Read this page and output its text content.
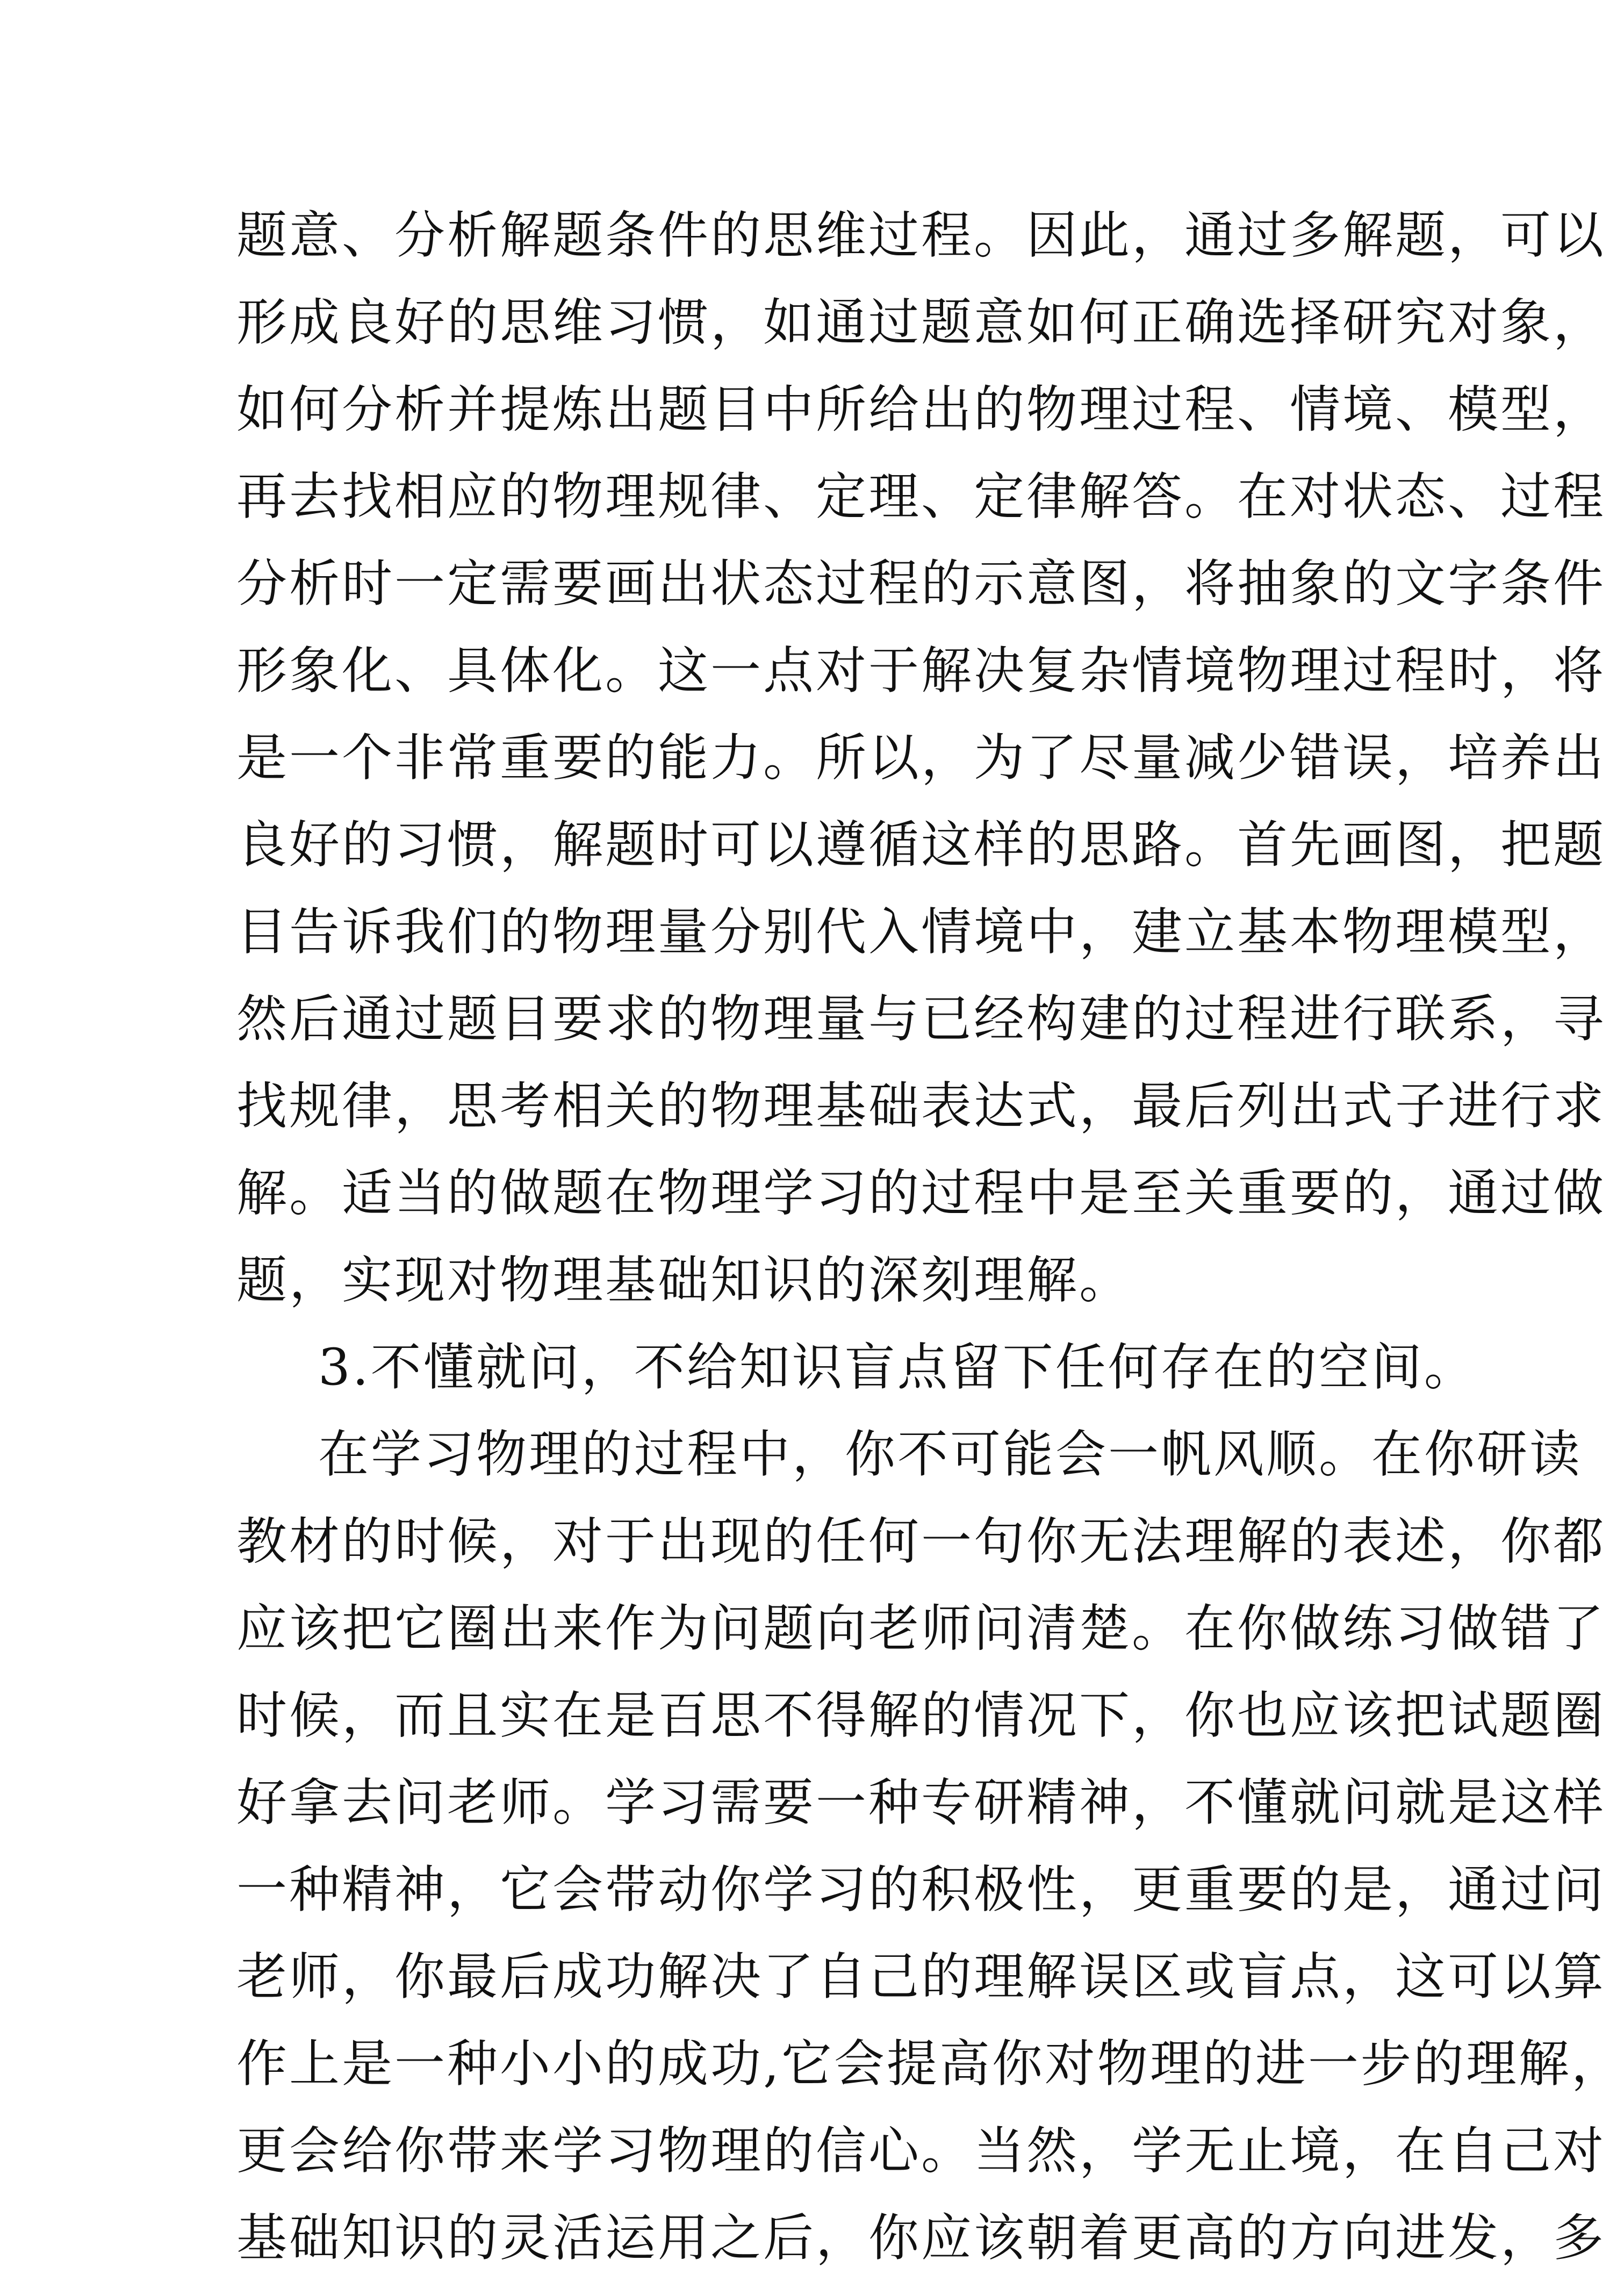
题意、分析解题条件的思维过程。因此，通过多解题，可以
形成良好的思维习惯，如通过题意如何正确选择研究对象，
如何分析并提炼出题目中所给出的物理过程、情境、模型，
再去找相应的物理规律、定理、定律解答。在对状态、过程
分析时一定需要画出状态过程的示意图，将抽象的文字条件
形象化、具体化。这一点对于解决复杂情境物理过程时，将
是一个非常重要的能力。所以，为了尽量减少错误，培养出
良好的习惯，解题时可以遵循这样的思路。首先画图，把题
目告诉我们的物理量分别代入情境中，建立基本物理模型，
然后通过题目要求的物理量与已经构建的过程进行联系，寻
找规律，思考相关的物理基础表达式，最后列出式子进行求
解。适当的做题在物理学习的过程中是至关重要的，通过做
题，实现对物理基础知识的深刻理解。
3.不懂就问，不给知识盲点留下任何存在的空间。
在学习物理的过程中，你不可能会一帆风顺。在你研读
教材的时候，对于出现的任何一句你无法理解的表述，你都
应该把它圈出来作为问题向老师问清楚。在你做练习做错了
时候，而且实在是百思不得解的情况下，你也应该把试题圈
好拿去问老师。学习需要一种专研精神，不懂就问就是这样
一种精神，它会带动你学习的积极性，更重要的是，通过问
老师，你最后成功解决了自己的理解误区或盲点，这可以算
作上是一种小小的成功,它会提高你对物理的进一步的理解，
更会给你带来学习物理的信心。当然，学无止境，在自己对
基础知识的灵活运用之后，你应该朝着更高的方向进发，多
